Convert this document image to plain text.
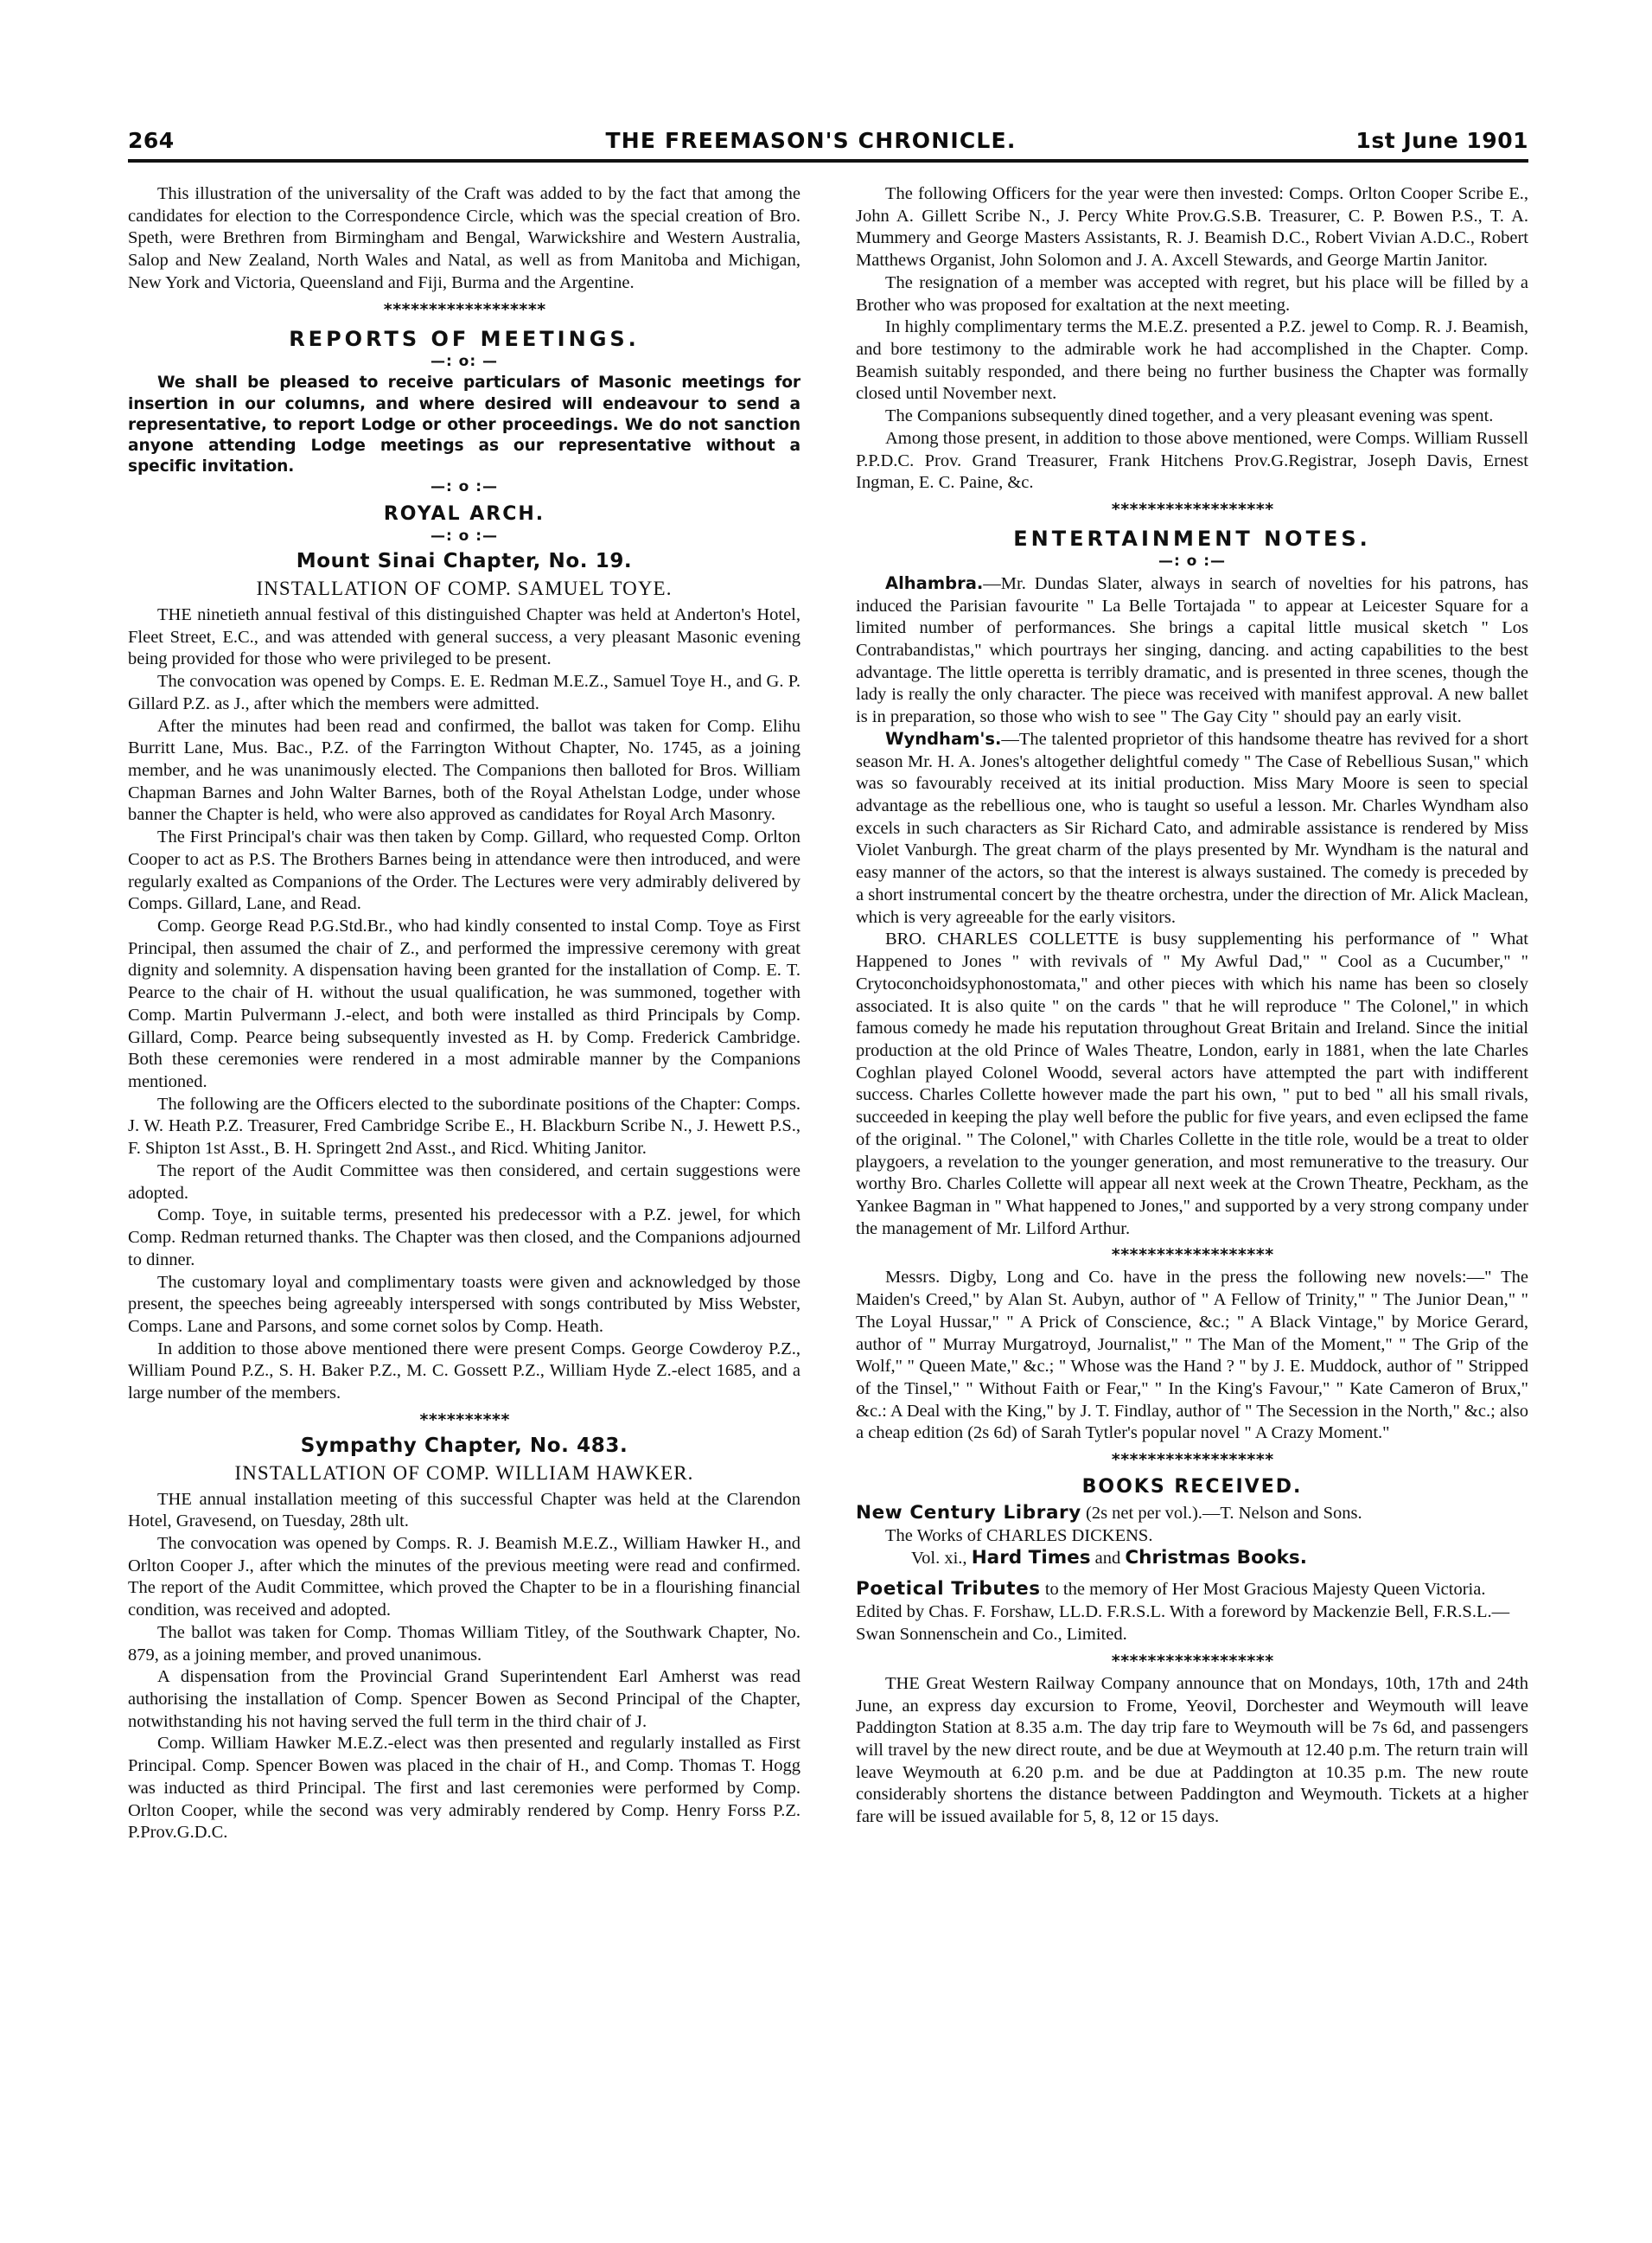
264	THE FREEMASON'S CHRONICLE.	1st June 1901

This illustration of the universality of the Craft was added to by the fact that among the candidates for election to the Correspondence Circle, which was the special creation of Bro. Speth, were Brethren from Birmingham and Bengal, Warwickshire and Western Australia, Salop and New Zealand, North Wales and Natal, as well as from Manitoba and Michigan, New York and Victoria, Queensland and Fiji, Burma and the Argentine.

******************
REPORTS OF MEETINGS.
—: o: —

We shall be pleased to receive particulars of Masonic meetings for insertion in our columns, and where desired will endeavour to send a representative, to report Lodge or other proceedings. We do not sanction anyone attending Lodge meetings as our representative without a specific invitation.

—: o :—
ROYAL ARCH.
—: o :—
Mount Sinai Chapter, No. 19.
INSTALLATION OF COMP. SAMUEL TOYE.

THE ninetieth annual festival of this distinguished Chapter was held at Anderton's Hotel, Fleet Street, E.C., and was attended with general success, a very pleasant Masonic evening being provided for those who were privileged to be present.

The convocation was opened by Comps. E. E. Redman M.E.Z., Samuel Toye H., and G. P. Gillard P.Z. as J., after which the members were admitted.

After the minutes had been read and confirmed, the ballot was taken for Comp. Elihu Burritt Lane, Mus. Bac., P.Z. of the Farrington Without Chapter, No. 1745, as a joining member, and he was unanimously elected. The Companions then balloted for Bros. William Chapman Barnes and John Walter Barnes, both of the Royal Athelstan Lodge, under whose banner the Chapter is held, who were also approved as candidates for Royal Arch Masonry.

The First Principal's chair was then taken by Comp. Gillard, who requested Comp. Orlton Cooper to act as P.S. The Brothers Barnes being in attendance were then introduced, and were regularly exalted as Companions of the Order. The Lectures were very admirably delivered by Comps. Gillard, Lane, and Read.

Comp. George Read P.G.Std.Br., who had kindly consented to instal Comp. Toye as First Principal, then assumed the chair of Z., and performed the impressive ceremony with great dignity and solemnity. A dispensation having been granted for the installation of Comp. E. T. Pearce to the chair of H. without the usual qualification, he was summoned, together with Comp. Martin Pulvermann J.-elect, and both were installed as third Principals by Comp. Gillard, Comp. Pearce being subsequently invested as H. by Comp. Frederick Cambridge. Both these ceremonies were rendered in a most admirable manner by the Companions mentioned.

The following are the Officers elected to the subordinate positions of the Chapter: Comps. J. W. Heath P.Z. Treasurer, Fred Cambridge Scribe E., H. Blackburn Scribe N., J. Hewett P.S., F. Shipton 1st Asst., B. H. Springett 2nd Asst., and Ricd. Whiting Janitor.

The report of the Audit Committee was then considered, and certain suggestions were adopted.

Comp. Toye, in suitable terms, presented his predecessor with a P.Z. jewel, for which Comp. Redman returned thanks. The Chapter was then closed, and the Companions adjourned to dinner.

The customary loyal and complimentary toasts were given and acknowledged by those present, the speeches being agreeably interspersed with songs contributed by Miss Webster, Comps. Lane and Parsons, and some cornet solos by Comp. Heath.

In addition to those above mentioned there were present Comps. George Cowderoy P.Z., William Pound P.Z., S. H. Baker P.Z., M. C. Gossett P.Z., William Hyde Z.-elect 1685, and a large number of the members.

**********
Sympathy Chapter, No. 483.
INSTALLATION OF COMP. WILLIAM HAWKER.

THE annual installation meeting of this successful Chapter was held at the Clarendon Hotel, Gravesend, on Tuesday, 28th ult.

The convocation was opened by Comps. R. J. Beamish M.E.Z., William Hawker H., and Orlton Cooper J., after which the minutes of the previous meeting were read and confirmed. The report of the Audit Committee, which proved the Chapter to be in a flourishing financial condition, was received and adopted.

The ballot was taken for Comp. Thomas William Titley, of the Southwark Chapter, No. 879, as a joining member, and proved unanimous.

A dispensation from the Provincial Grand Superintendent Earl Amherst was read authorising the installation of Comp. Spencer Bowen as Second Principal of the Chapter, notwithstanding his not having served the full term in the third chair of J.

Comp. William Hawker M.E.Z.-elect was then presented and regularly installed as First Principal. Comp. Spencer Bowen was placed in the chair of H., and Comp. Thomas T. Hogg was inducted as third Principal. The first and last ceremonies were performed by Comp. Orlton Cooper, while the second was very admirably rendered by Comp. Henry Forss P.Z. P.Prov.G.D.C.

The following Officers for the year were then invested: Comps. Orlton Cooper Scribe E., John A. Gillett Scribe N., J. Percy White Prov.G.S.B. Treasurer, C. P. Bowen P.S., T. A. Mummery and George Masters Assistants, R. J. Beamish D.C., Robert Vivian A.D.C., Robert Matthews Organist, John Solomon and J. A. Axcell Stewards, and George Martin Janitor.

The resignation of a member was accepted with regret, but his place will be filled by a Brother who was proposed for exaltation at the next meeting.

In highly complimentary terms the M.E.Z. presented a P.Z. jewel to Comp. R. J. Beamish, and bore testimony to the admirable work he had accomplished in the Chapter. Comp. Beamish suitably responded, and there being no further business the Chapter was formally closed until November next.

The Companions subsequently dined together, and a very pleasant evening was spent.

Among those present, in addition to those above mentioned, were Comps. William Russell P.P.D.C. Prov. Grand Treasurer, Frank Hitchens Prov.G.Registrar, Joseph Davis, Ernest Ingman, E. C. Paine, &c.

******************
ENTERTAINMENT NOTES.
—: o :—

Alhambra.—Mr. Dundas Slater, always in search of novelties for his patrons, has induced the Parisian favourite " La Belle Tortajada " to appear at Leicester Square for a limited number of performances. She brings a capital little musical sketch " Los Contrabandistas," which pourtrays her singing, dancing. and acting capabilities to the best advantage. The little operetta is terribly dramatic, and is presented in three scenes, though the lady is really the only character. The piece was received with manifest approval. A new ballet is in preparation, so those who wish to see " The Gay City " should pay an early visit.

Wyndham's.—The talented proprietor of this handsome theatre has revived for a short season Mr. H. A. Jones's altogether delightful comedy " The Case of Rebellious Susan," which was so favourably received at its initial production. Miss Mary Moore is seen to special advantage as the rebellious one, who is taught so useful a lesson. Mr. Charles Wyndham also excels in such characters as Sir Richard Cato, and admirable assistance is rendered by Miss Violet Vanburgh. The great charm of the plays presented by Mr. Wyndham is the natural and easy manner of the actors, so that the interest is always sustained. The comedy is preceded by a short instrumental concert by the theatre orchestra, under the direction of Mr. Alick Maclean, which is very agreeable for the early visitors.

BRO. CHARLES COLLETTE is busy supplementing his performance of " What Happened to Jones " with revivals of " My Awful Dad," " Cool as a Cucumber," " Crytoconchoidsyphonostomata," and other pieces with which his name has been so closely associated. It is also quite " on the cards " that he will reproduce " The Colonel," in which famous comedy he made his reputation throughout Great Britain and Ireland. Since the initial production at the old Prince of Wales Theatre, London, early in 1881, when the late Charles Coghlan played Colonel Woodd, several actors have attempted the part with indifferent success. Charles Collette however made the part his own, " put to bed " all his small rivals, succeeded in keeping the play well before the public for five years, and even eclipsed the fame of the original. " The Colonel," with Charles Collette in the title role, would be a treat to older playgoers, a revelation to the younger generation, and most remunerative to the treasury. Our worthy Bro. Charles Collette will appear all next week at the Crown Theatre, Peckham, as the Yankee Bagman in " What happened to Jones," and supported by a very strong company under the management of Mr. Lilford Arthur.

******************

Messrs. Digby, Long and Co. have in the press the following new novels:—" The Maiden's Creed," by Alan St. Aubyn, author of " A Fellow of Trinity," " The Junior Dean," " The Loyal Hussar," " A Prick of Conscience, &c.; " A Black Vintage," by Morice Gerard, author of " Murray Murgatroyd, Journalist," " The Man of the Moment," " The Grip of the Wolf," " Queen Mate," &c.; " Whose was the Hand ? " by J. E. Muddock, author of " Stripped of the Tinsel," " Without Faith or Fear," " In the King's Favour," " Kate Cameron of Brux," &c.: A Deal with the King," by J. T. Findlay, author of " The Secession in the North," &c.; also a cheap edition (2s 6d) of Sarah Tytler's popular novel " A Crazy Moment."

******************
BOOKS RECEIVED.

New Century Library (2s net per vol.).—T. Nelson and Sons.

The Works of CHARLES DICKENS.

Vol. xi., Hard Times and Christmas Books.

Poetical Tributes to the memory of Her Most Gracious Majesty Queen Victoria. Edited by Chas. F. Forshaw, LL.D. F.R.S.L. With a foreword by Mackenzie Bell, F.R.S.L.—Swan Sonnenschein and Co., Limited.

******************

THE Great Western Railway Company announce that on Mondays, 10th, 17th and 24th June, an express day excursion to Frome, Yeovil, Dorchester and Weymouth will leave Paddington Station at 8.35 a.m. The day trip fare to Weymouth will be 7s 6d, and passengers will travel by the new direct route, and be due at Weymouth at 12.40 p.m. The return train will leave Weymouth at 6.20 p.m. and be due at Paddington at 10.35 p.m. The new route considerably shortens the distance between Paddington and Weymouth. Tickets at a higher fare will be issued available for 5, 8, 12 or 15 days.
